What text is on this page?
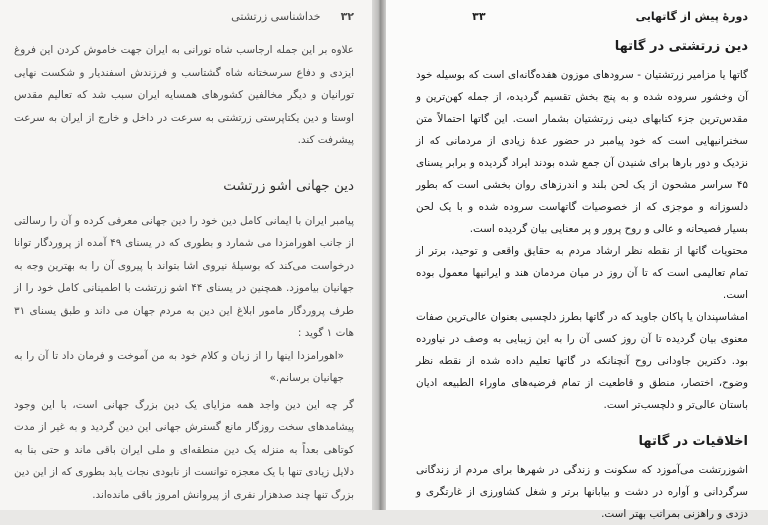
۳۲
خداشناسی زرتشتی

علاوه بر این جمله ارجاسب شاه تورانی به ایران جهت خاموش کردن این فروغ ایزدی و دفاع سرسختانه شاه گشتاسب و فرزندش اسفندیار و شکست نهایی تورانیان و دیگر مخالفین کشورهای همسایه ایران سبب شد که تعالیم مقدس اوستا و دین یکتاپرستی زرتشتی به سرعت در داخل و خارج از ایران به سرعت پیشرفت کند.

دین جهانی اشو زرتشت

پیامبر ایران با ایمانی کامل دین خود را دین جهانی معرفی کرده و آن را رسالتی از جانب اهورامزدا می شمارد و بطوری که در یسنای ۴۹ آمده از پروردگار توانا درخواست می‌کند که بوسیلهٔ نیروی اشا بتواند با پیروی آن را به بهترین وجه به جهانیان بیاموزد. همچنین در یسنای ۴۴ اشو زرتشت با اطمینانی کامل خود را از طرف پروردگار مامور ابلاغ این دین به مردم جهان می داند و طبق یسنای ۳۱ هات ۱ گوید :

«اهورامزدا اینها را از زبان و کلام خود به من آموخت و فرمان داد تا آن را به جهانیان برسانم.»

گر چه این دین واجد همه مزایای یک دین بزرگ جهانی است، با این وجود پیشامدهای سخت روزگار مانع گسترش جهانی این دین گردید و به غیر از مدت کوتاهی بعداً به منزله یک دین منطقه‌ای و ملی ایران باقی ماند و حتی بنا به دلایل زیادی تنها با یک معجزه توانست از نابودی نجات یابد بطوری که از این دین بزرگ تنها چند صدهزار نفری از پیروانش امروز باقی مانده‌اند.

دورهٔ پیش از گاتهایی
۳۳
دین زرتشتی در گاتها

گاتها یا مزامیر زرتشتیان - سرودهای موزون هفده‌گانه‌ای است که بوسیله خود آن وخشور سروده شده و به پنج بخش تقسیم گردیده، از جمله کهن‌ترین و مقدس‌ترین جزء کتابهای دینی زرتشتیان بشمار است. این گاتها احتمالاً متن سخنرانیهایی است که خود پیامبر در حضور عدهٔ زیادی از مردمانی که از نزدیک و دور بارها برای شنیدن آن جمع شده بودند ایراد گردیده و برابر یسنای ۴۵ سراسر مشحون از یک لحن بلند و اندرزهای روان بخشی است که بطور دلسوزانه و موجزی که از خصوصیات گاتهاست سروده شده و با یک لحن بسیار فصیحانه و عالی و روح پرور و پر معنایی بیان گردیده است.

محتویات گاتها از نقطه نظر ارشاد مردم به حقایق واقعی و توحید، برتر از تمام تعالیمی است که تا آن روز در میان مردمان هند و ایرانیها معمول بوده است.

امشاسپندان یا پاکان جاوید که در گاتها بطرز دلچسبی بعنوان عالی‌ترین صفات معنوی بیان گردیده تا آن روز کسی آن را به این زیبایی به وصف در نیاورده بود. دکترین جاودانی روح آنچنانکه در گاتها تعلیم داده شده از نقطه نظر وضوح، اختصار، منطق و قاطعیت از تمام فرضیه‌های ماوراء الطبیعه ادیان باستان عالی‌تر و دلچسب‌تر است.

اخلاقیات در گاتها

اشوزرتشت می‌آموزد که سکونت و زندگی در شهرها برای مردم از زندگانی سرگردانی و آواره در دشت و بیابانها برتر و شغل کشاورزی از غارتگری و دزدی و راهزنی بمراتب بهتر است.
